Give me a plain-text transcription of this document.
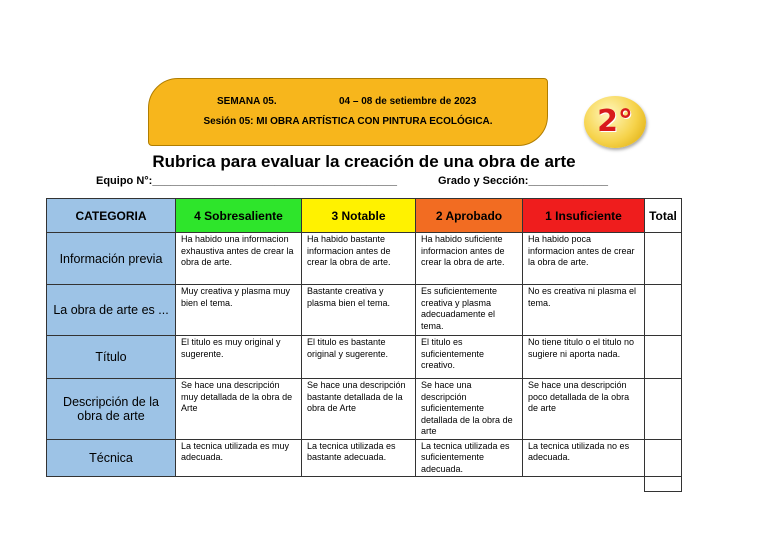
SEMANA 05.	04 – 08 de setiembre de 2023
Sesión 05: MI OBRA ARTÍSTICA CON PINTURA ECOLÓGICA.	2°
Rubrica para evaluar la creación de una obra de arte
Equipo N°:________________________________________	Grado y Sección:_____________
CATEGORIA	4 Sobresaliente	3 Notable	2 Aprobado	1 Insuficiente	Total
Información previa	Ha habido una informacion exhaustiva antes de crear la obra de arte.	Ha habido bastante informacion antes de crear la obra de arte.	Ha habido suficiente informacion antes de crear la obra de arte.	Ha habido poca informacion antes de crear la obra de arte.	
La obra de arte es ...	Muy creativa y plasma muy bien el tema.	Bastante creativa y plasma bien el tema.	Es suficientemente creativa y plasma adecuadamente el tema.	No es creativa ni plasma el tema.	
Título	El titulo es muy original y sugerente.	El titulo es bastante original y sugerente.	El titulo es suficientemente creativo.	No tiene titulo o el titulo no sugiere ni aporta nada.	
Descripción de la obra de arte	Se hace una descripción muy detallada de la obra de Arte	Se hace una descripción bastante detallada de la obra de Arte	Se hace una descripción suficientemente detallada de la obra de arte	Se hace una descripción poco detallada de la obra de arte	
Técnica	La tecnica utilizada es muy adecuada.	La tecnica utilizada es bastante adecuada.	La tecnica utilizada es suficientemente adecuada.	La tecnica utilizada no es adecuada.	
